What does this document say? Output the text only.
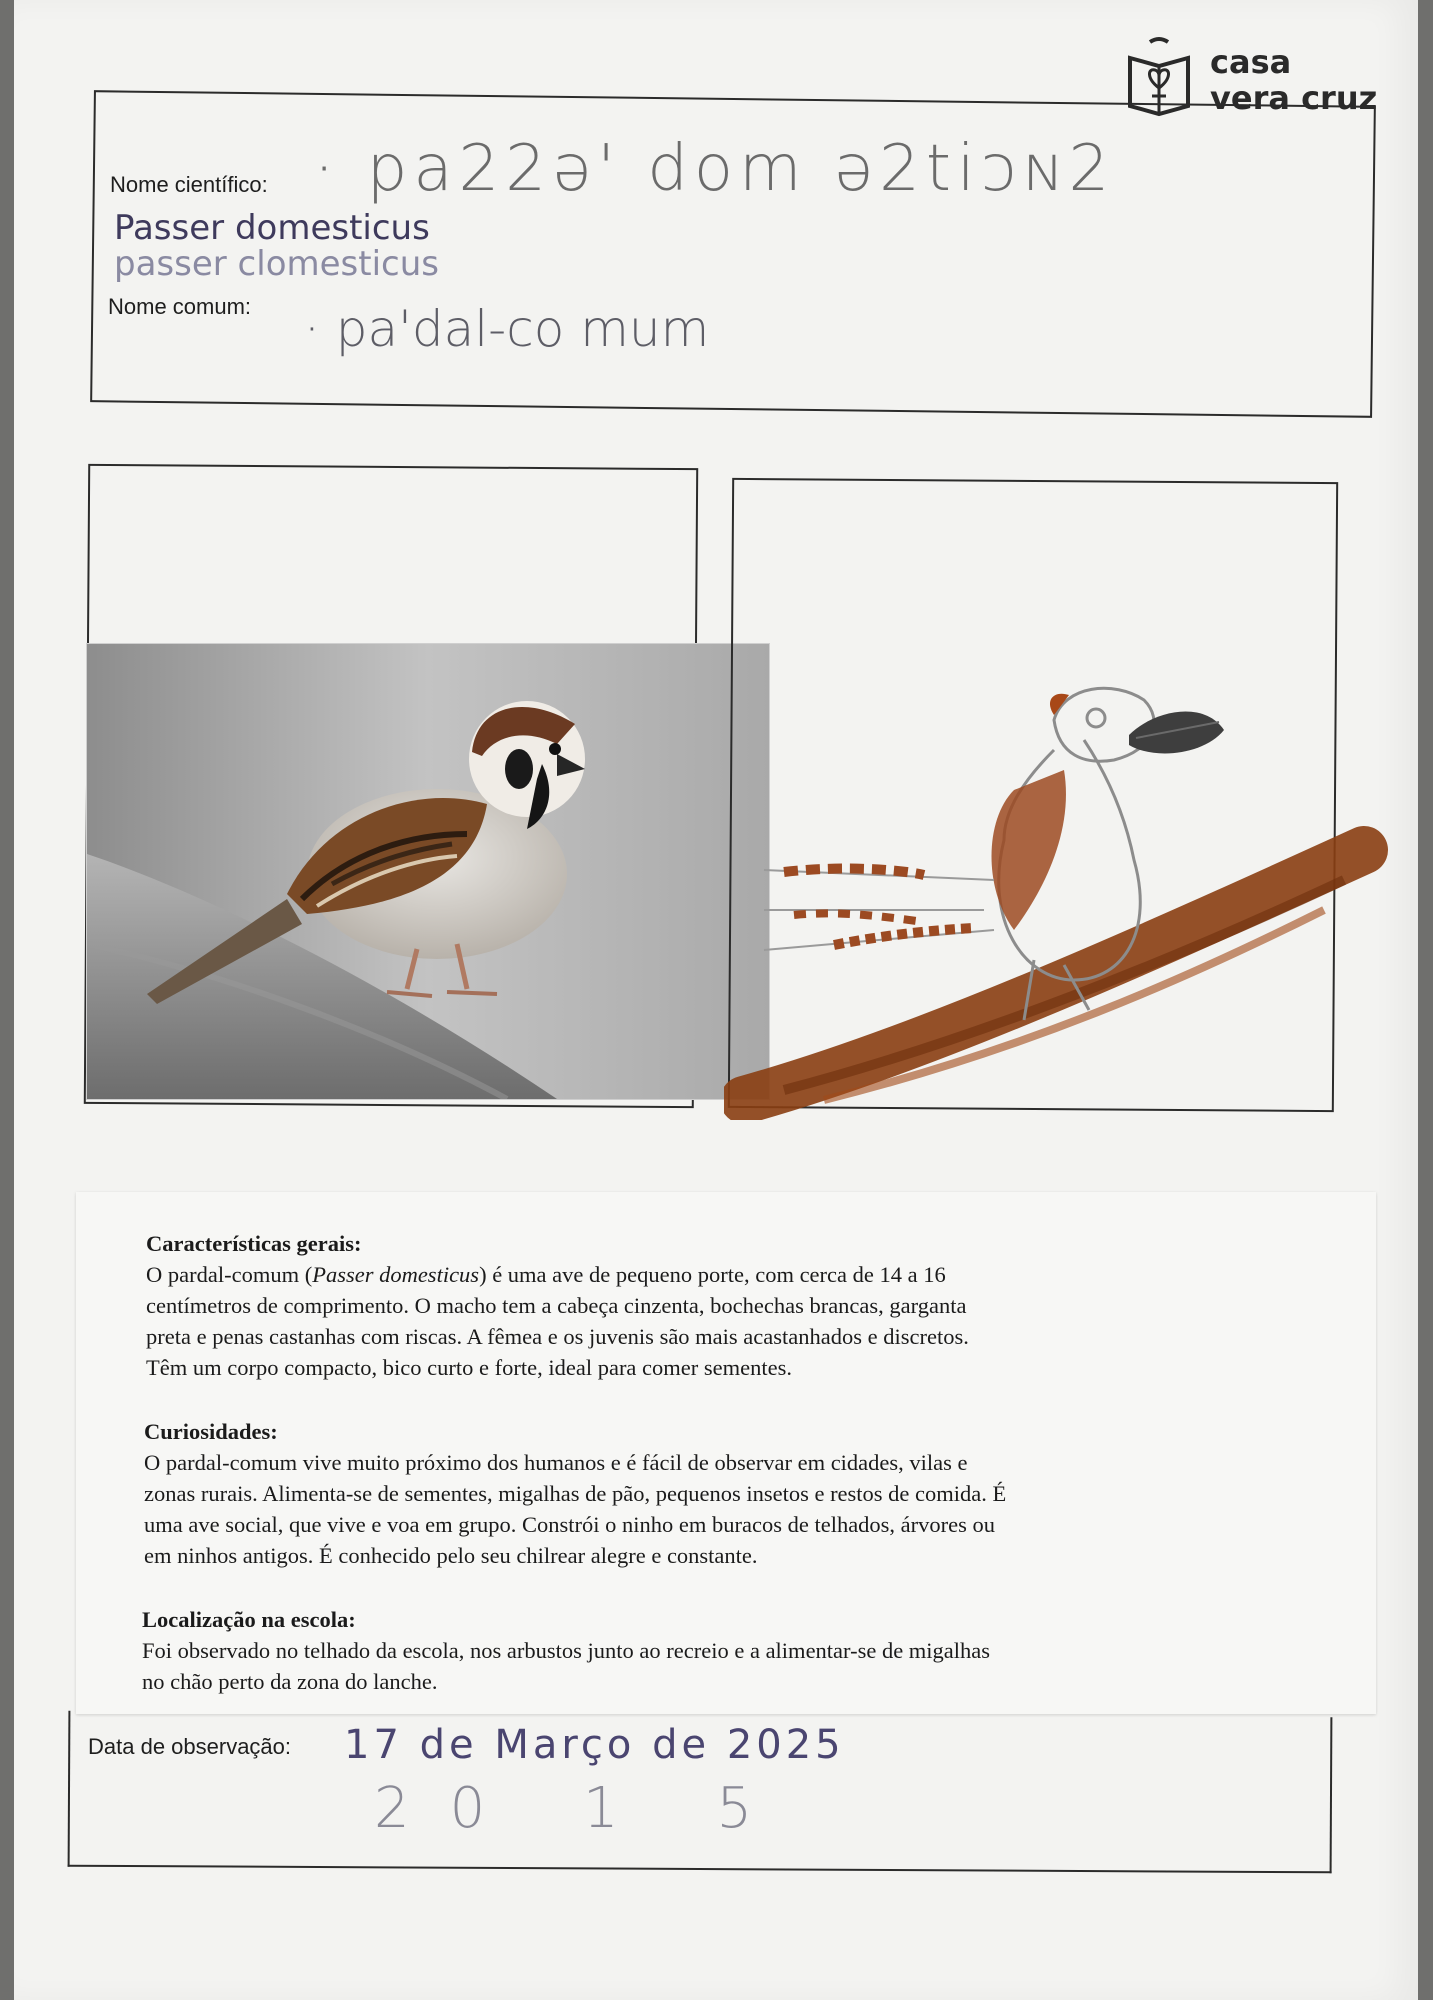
casa
vera cruz
Nome científico: · pa22ə' dom ə2tiɔɴ2
Passer domesticus
passer clomesticus
Nome comum: · pa'dal-co mum
Características gerais:

O pardal-comum (Passer domesticus) é uma ave de pequeno porte, com cerca de 14 a 16

centímetros de comprimento. O macho tem a cabeça cinzenta, bochechas brancas, garganta

preta e penas castanhas com riscas. A fêmea e os juvenis são mais acastanhados e discretos.

Têm um corpo compacto, bico curto e forte, ideal para comer sementes.

Curiosidades:

O pardal-comum vive muito próximo dos humanos e é fácil de observar em cidades, vilas e

zonas rurais. Alimenta-se de sementes, migalhas de pão, pequenos insetos e restos de comida. É

uma ave social, que vive e voa em grupo. Constrói o ninho em buracos de telhados, árvores ou

em ninhos antigos. É conhecido pelo seu chilrear alegre e constante.

Localização na escola:

Foi observado no telhado da escola, nos arbustos junto ao recreio e a alimentar-se de migalhas

no chão perto da zona do lanche.

Data de observação: 17 de Março de 2025
20 1 5
